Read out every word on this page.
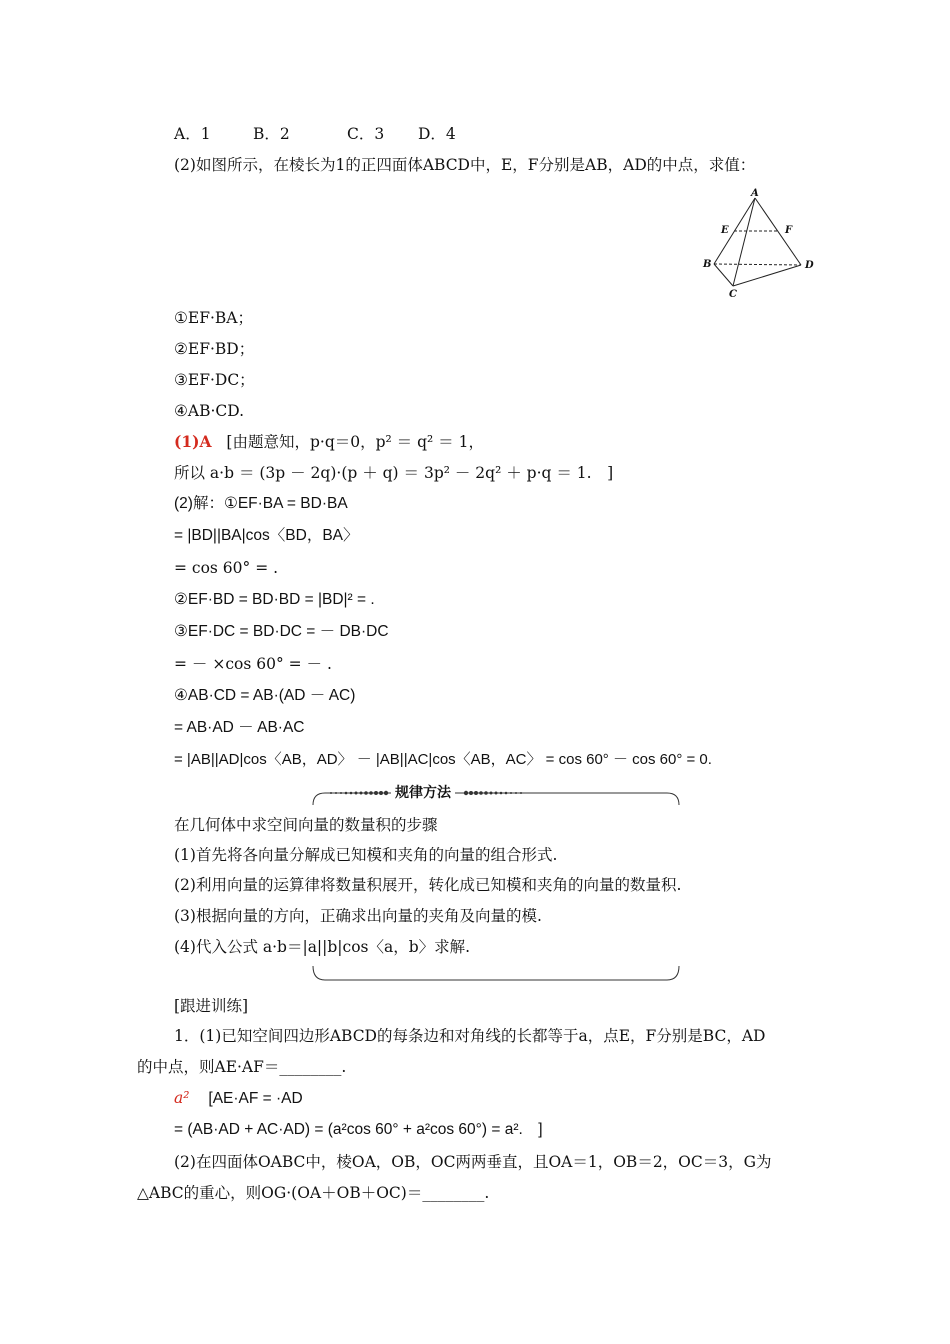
A．1	B．2	C．3 D．4
(2)如图所示，在棱长为1的正四面体ABCD中，E，F分别是AB，AD的中点，求值：
A
B
C
D
E	F
①EF·BA；
②EF·BD；
③EF·DC；
④AB·CD.
(1)A [由题意知，p·q＝0，p² ＝ q² ＝ 1，
所以 a·b ＝ (3p － 2q)·(p ＋ q) ＝ 3p² － 2q² ＋ p·q ＝ 1.　]
(2)解：①EF·BA = BD·BA
= |BD||BA|cos〈BD，BA〉
= cos 60° = .
②EF·BD = BD·BD = |BD|² = .
③EF·DC = BD·DC = － DB·DC
= － ×cos 60° = － .
④AB·CD = AB·(AD － AC)
= AB·AD － AB·AC
= |AB||AD|cos〈AB，AD〉 － |AB||AC|cos〈AB，AC〉 = cos 60° － cos 60° = 0.
规律方法
在几何体中求空间向量的数量积的步骤
(1)首先将各向量分解成已知模和夹角的向量的组合形式.
(2)利用向量的运算律将数量积展开，转化成已知模和夹角的向量的数量积.
(3)根据向量的方向，正确求出向量的夹角及向量的模.
(4)代入公式 a·b＝|a||b|cos〈a，b〉求解.
[跟进训练]
1．(1)已知空间四边形ABCD的每条边和对角线的长都等于a，点E，F分别是BC，AD
的中点，则AE·AF＝________.
a² [AE·AF = ·AD
= (AB·AD + AC·AD) = (a²cos 60° + a²cos 60°) = a².　]
(2)在四面体OABC中，棱OA，OB，OC两两垂直，且OA＝1，OB＝2，OC＝3，G为
△ABC的重心，则OG·(OA＋OB＋OC)＝________.
